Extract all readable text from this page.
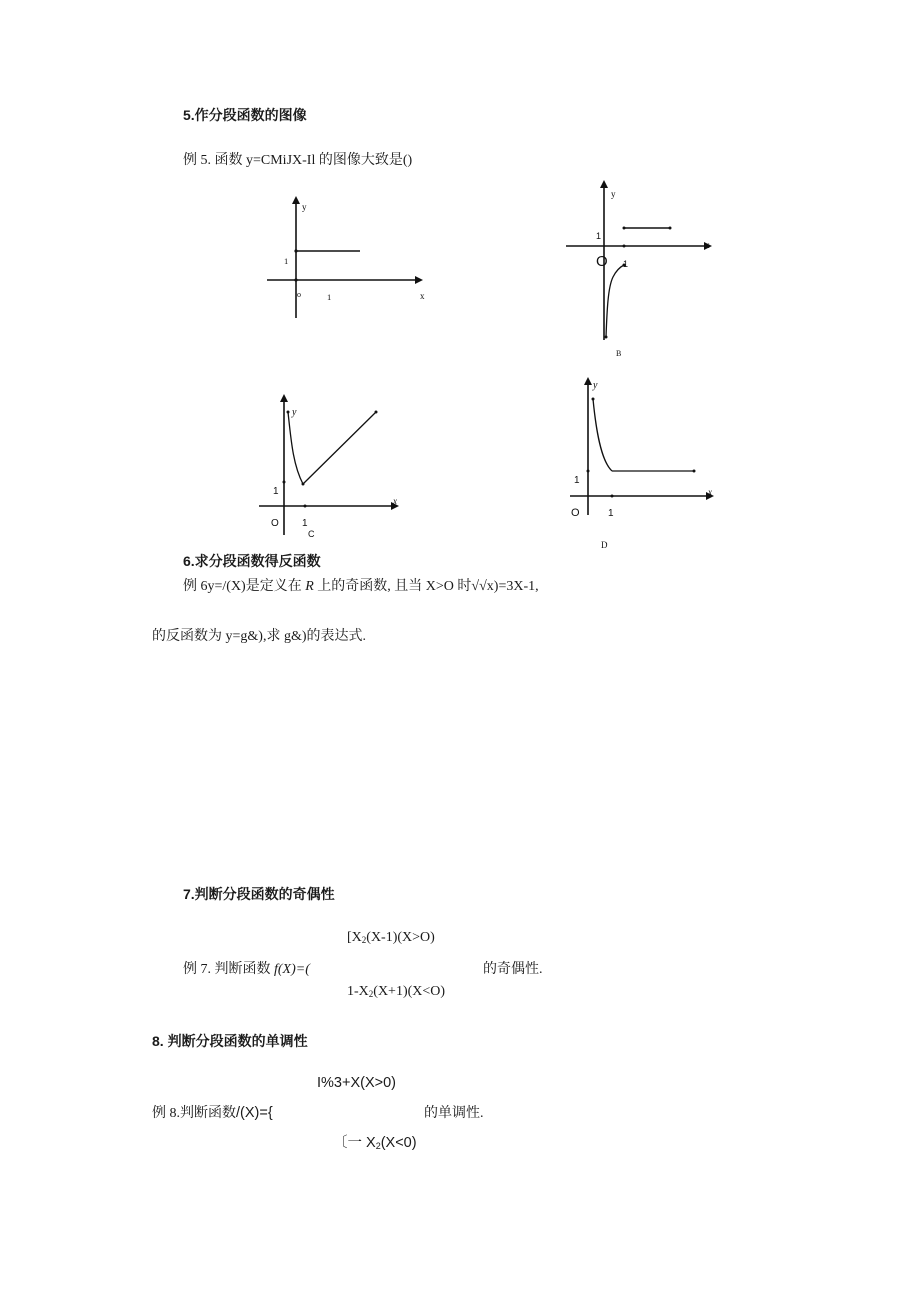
5.作分段函数的图像
例 5. 函数 y=CMiJX-Il 的图像大致是()
y
x
o
1
1
y
x
O
1
1
B
y
x
O
1
1
C
y
x
O
1
1
D
6.求分段函数得反函数
例 6y=/(X)是定义在 R 上的奇函数, 且当 X>O 时√√x)=3X-1,
的反函数为 y=g&),求 g&)的表达式.
7.判断分段函数的奇偶性
[$X_2(X-1)(X>O)$
例 7. 判断函数 f(X)=(	的奇偶性.
$1-X_2(X+1)(X<O)$
8. 判断分段函数的单调性
I%3+X(X>0)
例 8.判断函数/(X)={	的单调性.
〔一 $X_2(X<0)$
